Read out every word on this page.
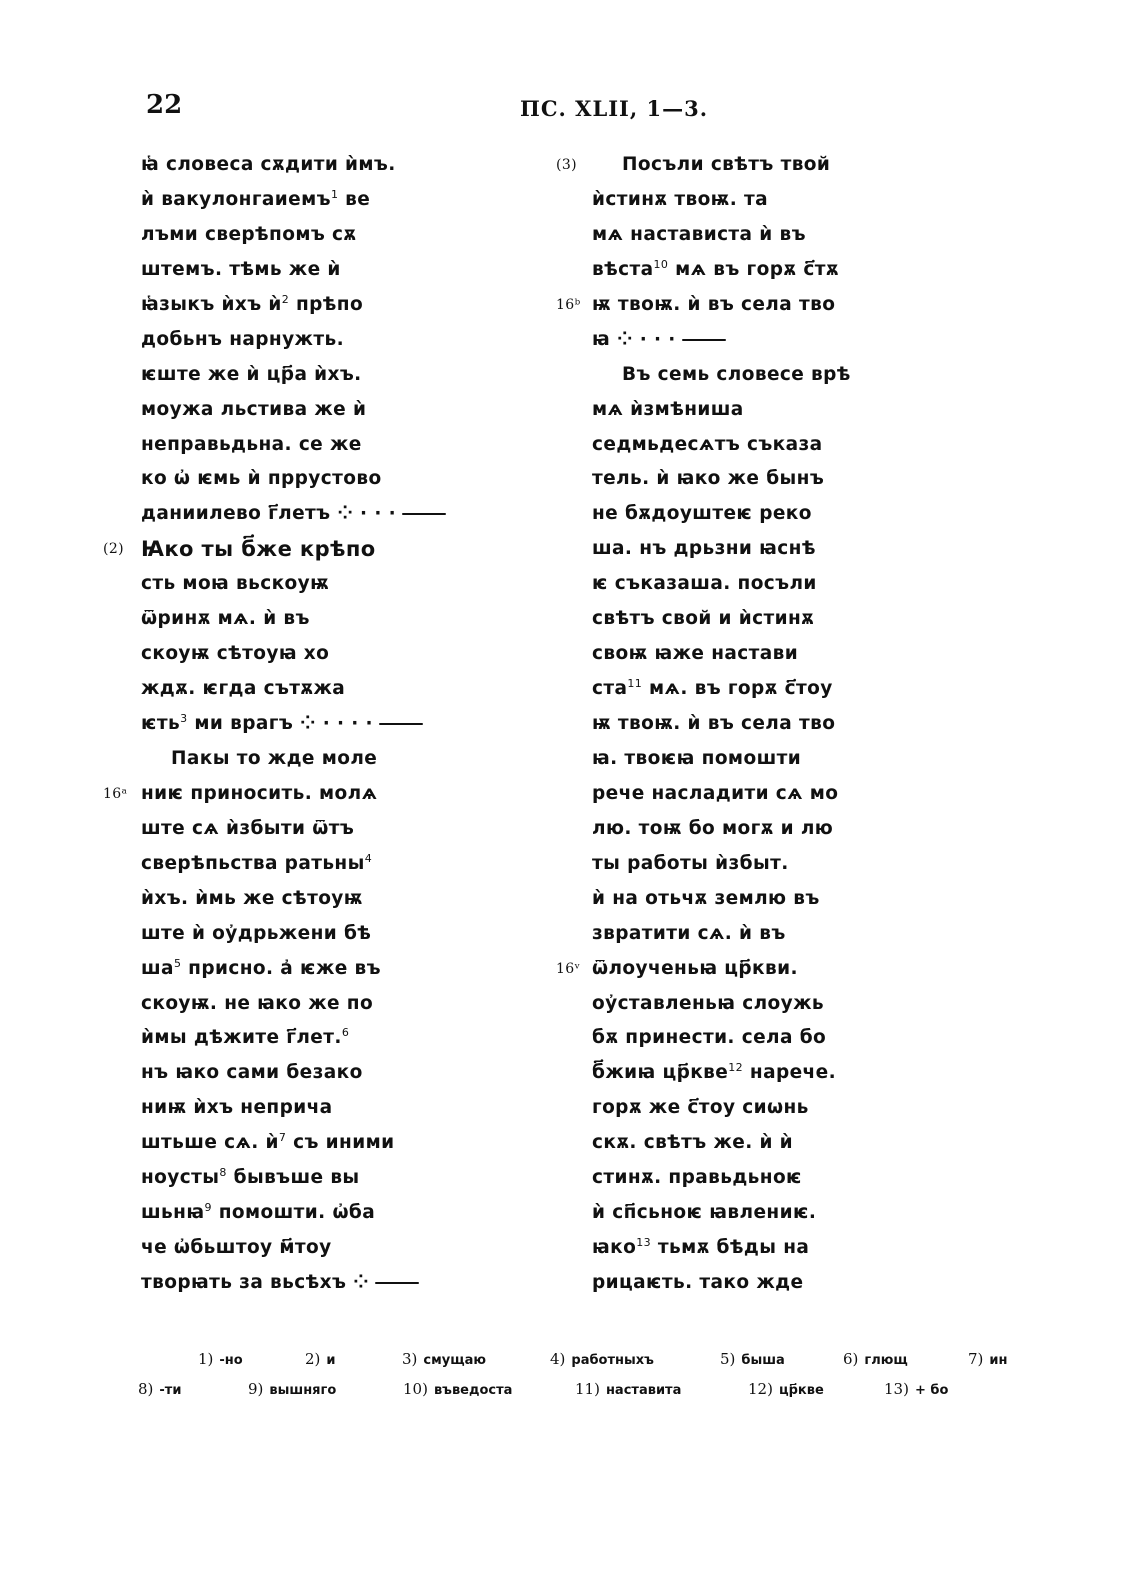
22	ПС. XLII, 1—3.
ꙗ҅ словеса сѫдити ѝмъ.
ѝ вакулонгаиемъ$^1$ ве
лъми сверѣпомъ сѫ
штемъ. тѣмь же ѝ
ꙗ҅зыкъ ѝхъ ѝ$^2$ прѣпо
добьнъ нарнужть.
ѥште же ѝ цр҃а ѝхъ.
моужа льстива же ѝ
неправьдьна. се же
ко ѡ҆ ѥмь ѝ пррустово
даниилево г҃летъ ⁘ · · ·
(2) Ꙗко ты б҃же крѣпо
сть моꙗ вьскоуѭ
ѿринѫ мѧ. ѝ въ
скоуѭ сѣтоуꙗ хо
ждѫ. ѥгда сътѫжа
ѥть$^3$ ми врагъ ⁘ · · · ·
Пакы то жде моле
16ᵃ ниѥ приносить. молѧ
ште сѧ ѝзбыти ѿтъ
сверѣпьства ратьны$^4$
ѝхъ. ѝмь же сѣтоуѭ
ште ѝ оу҆дрьжени бѣ
ша$^5$ присно. а҆ ѥже въ
скоуѭ. не ꙗко же по
ѝмы дѣжите г҃лет.$^6$
нъ ꙗко сами безако
ниѭ ѝхъ неприча
штьше сѧ. ѝ$^7$ съ иними
ноусты$^8$ бывъше вы
шьнꙗ$^9$ помошти. ѡ҆ба
че ѡ҆бьштоу м҃тоу
творꙗть за вьсѣхъ ⁘
(3) Посъли свѣтъ твой
ѝстинѫ твоѭ. та
мѧ настависта ѝ въ
вѣста$^{10}$ мѧ въ горѫ с҃тѫ
16ᵇ ѭ твоѭ. ѝ въ села тво
ꙗ ⁘ · · ·
Въ семь словесе врѣ
мѧ ѝзмѣниша
седмьдесѧтъ съказа
тель. ѝ ꙗко же бынъ
не бѫдоуштеѥ реко
ша. нъ дрьзни ꙗснѣ
ѥ съказаша. посъли
свѣтъ свой и ѝстинѫ
своѭ ꙗже настави
ста$^{11}$ мѧ. въ горѫ с҃тоу
ѭ твоѭ. ѝ въ села тво
ꙗ. твоѥꙗ помошти
рече насладити сѧ мо
лю. тоѭ бо могѫ и лю
ты работы ѝзбыт.
ѝ на отьчѫ землю въ
звратити сѧ. ѝ въ
16ᵛ ѿлоученьꙗ цр҃кви.
оу҆ставленьꙗ слоужь
бѫ принести. села бо
б҃жиꙗ цр҃кве$^{12}$ нарече.
горѫ же с҃тоу сиѡнь
скѫ. свѣтъ же. ѝ ѝ
стинѫ. правьдьноѥ
ѝ сп҃сьноѥ ꙗвлениѥ.
ꙗко$^{13}$ тьмѫ бѣды на
рицаѥть. тако жде
1) -но	2) и	3) смущаю	4) работныхъ	5) быша	6) глющ	7) ин
8) -ти	9) вышняго	10) въведоста	11) наставита	12) цр҃кве	13) + бо
